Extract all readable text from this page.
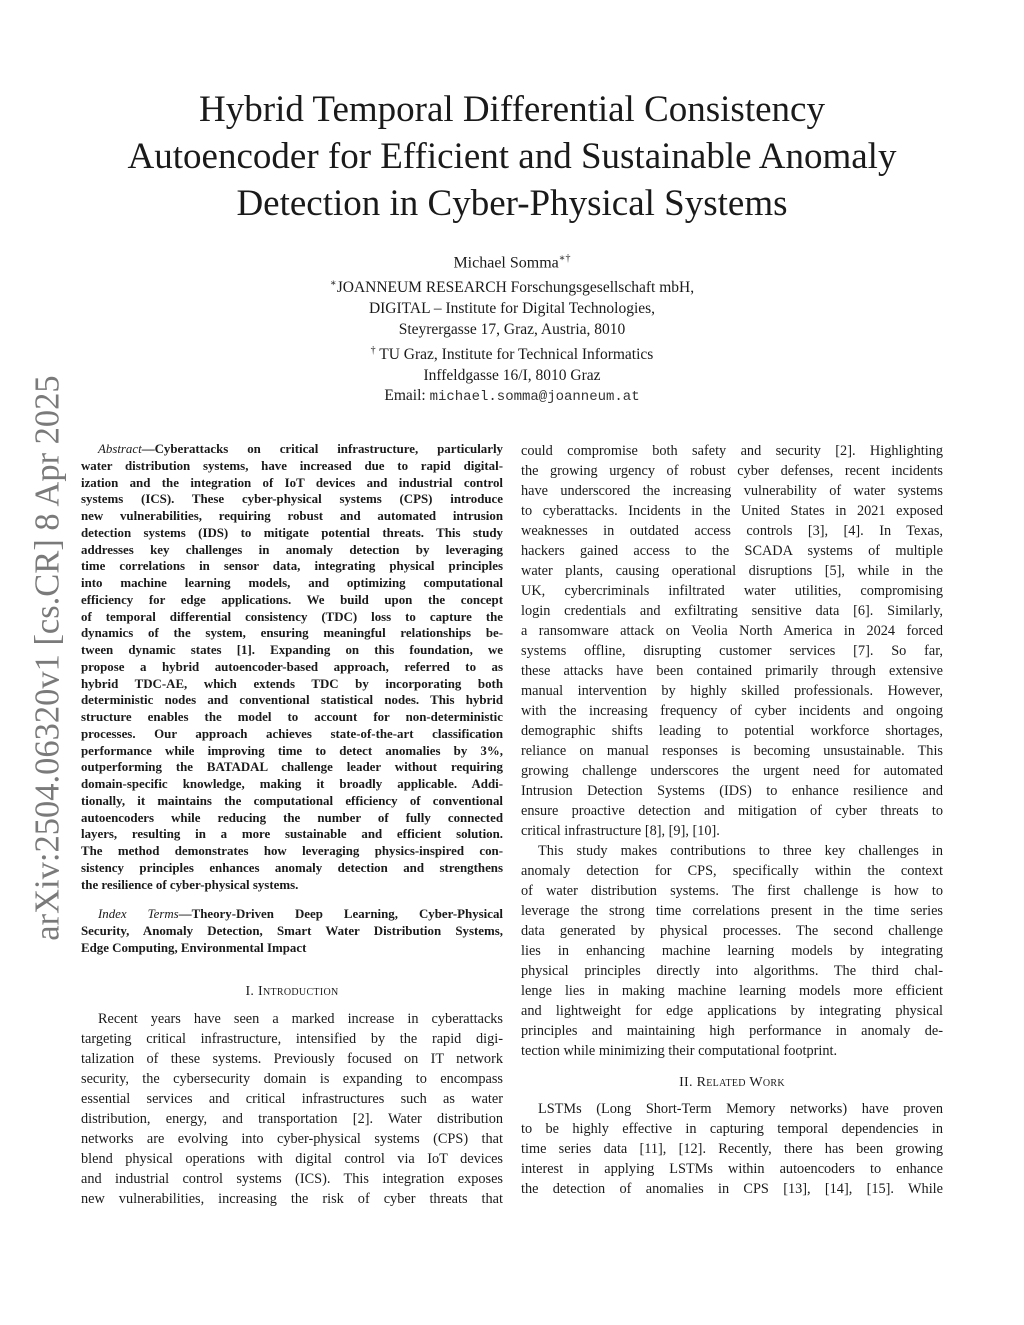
arXiv:2504.06320v1 [cs.CR] 8 Apr 2025
Hybrid Temporal Differential Consistency
Autoencoder for Efficient and Sustainable Anomaly
Detection in Cyber-Physical Systems
Michael Somma∗†
∗JOANNEUM RESEARCH Forschungsgesellschaft mbH,
DIGITAL – Institute for Digital Technologies,
Steyrergasse 17, Graz, Austria, 8010
† TU Graz, Institute for Technical Informatics
Inffeldgasse 16/I, 8010 Graz
Email: michael.somma@joanneum.at
Abstract—Cyberattacks on critical infrastructure, particularly
water distribution systems, have increased due to rapid digital-
ization and the integration of IoT devices and industrial control
systems (ICS). These cyber-physical systems (CPS) introduce
new vulnerabilities, requiring robust and automated intrusion
detection systems (IDS) to mitigate potential threats. This study
addresses key challenges in anomaly detection by leveraging
time correlations in sensor data, integrating physical principles
into machine learning models, and optimizing computational
efficiency for edge applications. We build upon the concept
of temporal differential consistency (TDC) loss to capture the
dynamics of the system, ensuring meaningful relationships be-
tween dynamic states [1]. Expanding on this foundation, we
propose a hybrid autoencoder-based approach, referred to as
hybrid TDC-AE, which extends TDC by incorporating both
deterministic nodes and conventional statistical nodes. This hybrid
structure enables the model to account for non-deterministic
processes. Our approach achieves state-of-the-art classification
performance while improving time to detect anomalies by 3%,
outperforming the BATADAL challenge leader without requiring
domain-specific knowledge, making it broadly applicable. Addi-
tionally, it maintains the computational efficiency of conventional
autoencoders while reducing the number of fully connected
layers, resulting in a more sustainable and efficient solution.
The method demonstrates how leveraging physics-inspired con-
sistency principles enhances anomaly detection and strengthens
the resilience of cyber-physical systems.
Index Terms—Theory-Driven Deep Learning, Cyber-Physical
Security, Anomaly Detection, Smart Water Distribution Systems,
Edge Computing, Environmental Impact
I. Introduction
Recent years have seen a marked increase in cyberattacks
targeting critical infrastructure, intensified by the rapid digi-
talization of these systems. Previously focused on IT network
security, the cybersecurity domain is expanding to encompass
essential services and critical infrastructures such as water
distribution, energy, and transportation [2]. Water distribution
networks are evolving into cyber-physical systems (CPS) that
blend physical operations with digital control via IoT devices
and industrial control systems (ICS). This integration exposes
new vulnerabilities, increasing the risk of cyber threats that
could compromise both safety and security [2]. Highlighting
the growing urgency of robust cyber defenses, recent incidents
have underscored the increasing vulnerability of water systems
to cyberattacks. Incidents in the United States in 2021 exposed
weaknesses in outdated access controls [3], [4]. In Texas,
hackers gained access to the SCADA systems of multiple
water plants, causing operational disruptions [5], while in the
UK, cybercriminals infiltrated water utilities, compromising
login credentials and exfiltrating sensitive data [6]. Similarly,
a ransomware attack on Veolia North America in 2024 forced
systems offline, disrupting customer services [7]. So far,
these attacks have been contained primarily through extensive
manual intervention by highly skilled professionals. However,
with the increasing frequency of cyber incidents and ongoing
demographic shifts leading to potential workforce shortages,
reliance on manual responses is becoming unsustainable. This
growing challenge underscores the urgent need for automated
Intrusion Detection Systems (IDS) to enhance resilience and
ensure proactive detection and mitigation of cyber threats to
critical infrastructure [8], [9], [10].
This study makes contributions to three key challenges in
anomaly detection for CPS, specifically within the context
of water distribution systems. The first challenge is how to
leverage the strong time correlations present in the time series
data generated by physical processes. The second challenge
lies in enhancing machine learning models by integrating
physical principles directly into algorithms. The third chal-
lenge lies in making machine learning models more efficient
and lightweight for edge applications by integrating physical
principles and maintaining high performance in anomaly de-
tection while minimizing their computational footprint.
II. Related Work
LSTMs (Long Short-Term Memory networks) have proven
to be highly effective in capturing temporal dependencies in
time series data [11], [12]. Recently, there has been growing
interest in applying LSTMs within autoencoders to enhance
the detection of anomalies in CPS [13], [14], [15]. While
